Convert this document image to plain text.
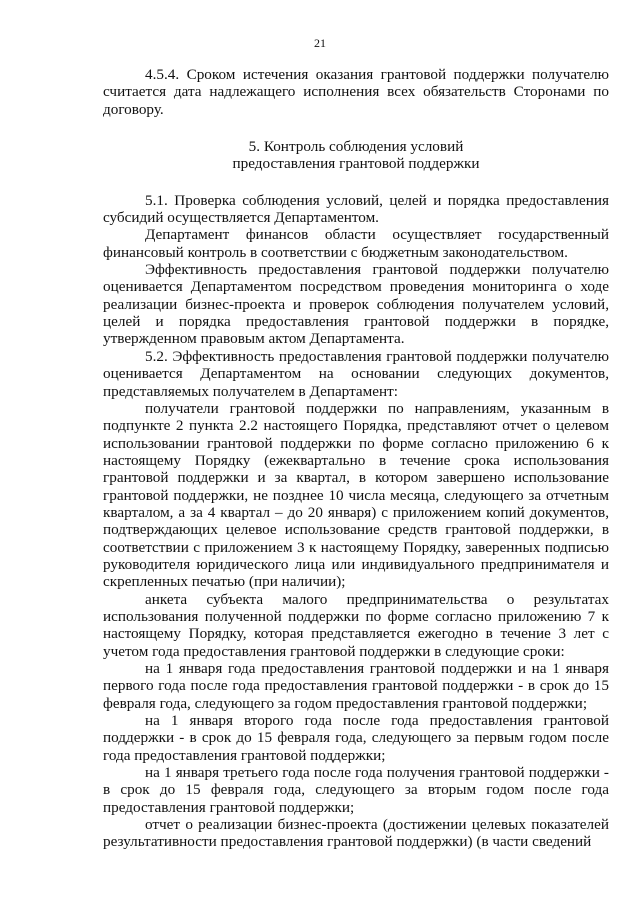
21

4.5.4. Сроком истечения оказания грантовой поддержки получателю считается дата надлежащего исполнения всех обязательств Сторонами по договору.

5. Контроль соблюдения условий

предоставления грантовой поддержки

5.1. Проверка соблюдения условий, целей и порядка предоставления субсидий осуществляется Департаментом.

Департамент финансов области осуществляет государственный финансовый контроль в соответствии с бюджетным законодательством.

Эффективность предоставления грантовой поддержки получателю оценивается Департаментом посредством проведения мониторинга о ходе реализации бизнес-проекта и проверок соблюдения получателем условий, целей и порядка предоставления грантовой поддержки в порядке, утвержденном правовым актом Департамента.

5.2. Эффективность предоставления грантовой поддержки получателю оценивается Департаментом на основании следующих документов, представляемых получателем в Департамент:

получатели грантовой поддержки по направлениям, указанным в подпункте 2 пункта 2.2 настоящего Порядка, представляют отчет о целевом использовании грантовой поддержки по форме согласно приложению 6 к настоящему Порядку (ежеквартально в течение срока использования грантовой поддержки и за квартал, в котором завершено использование грантовой поддержки, не позднее 10 числа месяца, следующего за отчетным кварталом, а за 4 квартал – до 20 января) с приложением копий документов, подтверждающих целевое использование средств грантовой поддержки, в соответствии с приложением 3 к настоящему Порядку, заверенных подписью руководителя юридического лица или индивидуального предпринимателя и скрепленных печатью (при наличии);

анкета субъекта малого предпринимательства о результатах использования полученной поддержки по форме согласно приложению 7 к настоящему Порядку, которая представляется ежегодно в течение 3 лет с учетом года предоставления грантовой поддержки в следующие сроки:

на 1 января года предоставления грантовой поддержки и на 1 января первого года после года предоставления грантовой поддержки - в срок до 15 февраля года, следующего за годом предоставления грантовой поддержки;

на 1 января второго года после года предоставления грантовой поддержки - в срок до 15 февраля года, следующего за первым годом после года предоставления грантовой поддержки;

на 1 января третьего года после года получения грантовой поддержки - в срок до 15 февраля года, следующего за вторым годом после года предоставления грантовой поддержки;

отчет о реализации бизнес-проекта (достижении целевых показателей результативности предоставления грантовой поддержки) (в части сведений
